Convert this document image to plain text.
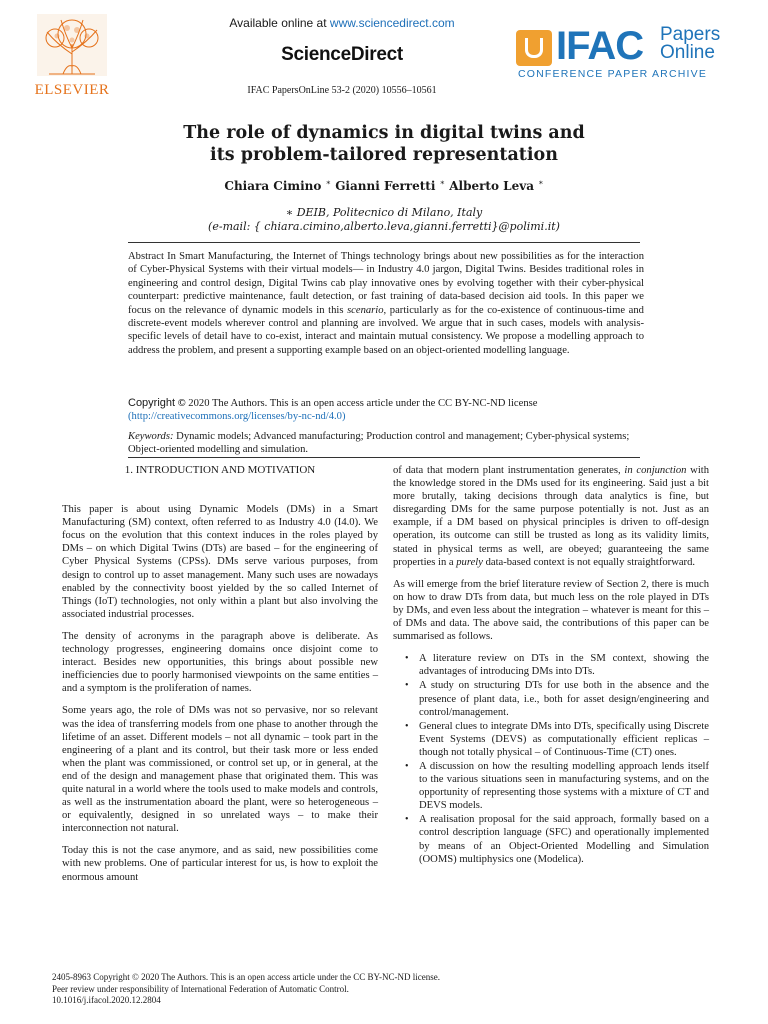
ELSEVIER
Available online at www.sciencedirect.com
ScienceDirect
IFAC PapersOnLine 53-2 (2020) 10556–10561
IFAC Papers
Online
CONFERENCE PAPER ARCHIVE
The role of dynamics in digital twins and
its problem-tailored representation
Chiara Cimino ∗ Gianni Ferretti ∗ Alberto Leva ∗
∗ DEIB, Politecnico di Milano, Italy
(e-mail: { chiara.cimino,alberto.leva,gianni.ferretti}@polimi.it)
Abstract In Smart Manufacturing, the Internet of Things technology brings about new possibilities as for the interaction of Cyber-Physical Systems with their virtual models— in Industry 4.0 jargon, Digital Twins. Besides traditional roles in engineering and control design, Digital Twins cab play innovative ones by evolving together with their cyber-physical counterpart: predictive maintenance, fault detection, or fast training of data-based decision aid tools. In this paper we focus on the relevance of dynamic models in this scenario, particularly as for the co-existence of continuous-time and discrete-event models wherever control and planning are involved. We argue that in such cases, models with analysis-specific levels of detail have to co-exist, interact and maintain mutual consistency. We propose a modelling approach to address the problem, and present a supporting example based on an object-oriented modelling language.
Copyright © 2020 The Authors. This is an open access article under the CC BY-NC-ND license
(http://creativecommons.org/licenses/by-nc-nd/4.0)
Keywords: Dynamic models; Advanced manufacturing; Production control and management; Cyber-physical systems; Object-oriented modelling and simulation.
1. INTRODUCTION AND MOTIVATION

This paper is about using Dynamic Models (DMs) in a Smart Manufacturing (SM) context, often referred to as Industry 4.0 (I4.0). We focus on the evolution that this context induces in the roles played by DMs – on which Digital Twins (DTs) are based – for the engineering of Cyber Physical Systems (CPSs). DMs serve various purposes, from design to control up to asset management. Many such uses are nowadays enabled by the connectivity boost yielded by the so called Internet of Things (IoT) technologies, not only within a plant but also involving the associated industrial processes.

The density of acronyms in the paragraph above is deliberate. As technology progresses, engineering domains once disjoint come to interact. Besides new opportunities, this brings about possible new inefficiencies due to poorly harmonised viewpoints on the same entities – and a symptom is the proliferation of names.

Some years ago, the role of DMs was not so pervasive, nor so relevant was the idea of transferring models from one phase to another through the lifetime of an asset. Different models – not all dynamic – took part in the engineering of a plant and its control, but their task more or less ended when the plant was commissioned, or control set up, or in general, at the end of the design and management phase that originated them. This was quite natural in a world where the tools used to make models and controls, as well as the instrumentation aboard the plant, were so heterogeneous – or equivalently, designed in so unrelated ways – to make their interconnection not natural.

Today this is not the case anymore, and as said, new possibilities come with new problems. One of particular interest for us, is how to exploit the enormous amount

of data that modern plant instrumentation generates, in conjunction with the knowledge stored in the DMs used for its engineering. Said just a bit more brutally, taking decisions through data analytics is fine, but disregarding DMs for the same purpose potentially is not. Just as an example, if a DM based on physical principles is driven to off-design operation, its outcome can still be trusted as long as its validity limits, stated in physical terms as well, are obeyed; guaranteeing the same properties in a purely data-based context is not equally straightforward.

As will emerge from the brief literature review of Section 2, there is much on how to draw DTs from data, but much less on the role played in DTs by DMs, and even less about the integration – whatever is meant for this – of DMs and data. The above said, the contributions of this paper can be summarised as follows.

• A literature review on DTs in the SM context, showing the advantages of introducing DMs into DTs.
• A study on structuring DTs for use both in the absence and the presence of plant data, i.e., both for asset design/engineering and control/management.
• General clues to integrate DMs into DTs, specifically using Discrete Event Systems (DEVS) as computationally efficient replicas – though not totally physical – of Continuous-Time (CT) ones.
• A discussion on how the resulting modelling approach lends itself to the various situations seen in manufacturing systems, and on the opportunity of representing those systems with a mixture of CT and DEVS models.
• A realisation proposal for the said approach, formally based on a control description language (SFC) and operationally implemented by means of an Object-Oriented Modelling and Simulation (OOMS) multiphysics one (Modelica).
2405-8963 Copyright © 2020 The Authors. This is an open access article under the CC BY-NC-ND license.
Peer review under responsibility of International Federation of Automatic Control.
10.1016/j.ifacol.2020.12.2804
